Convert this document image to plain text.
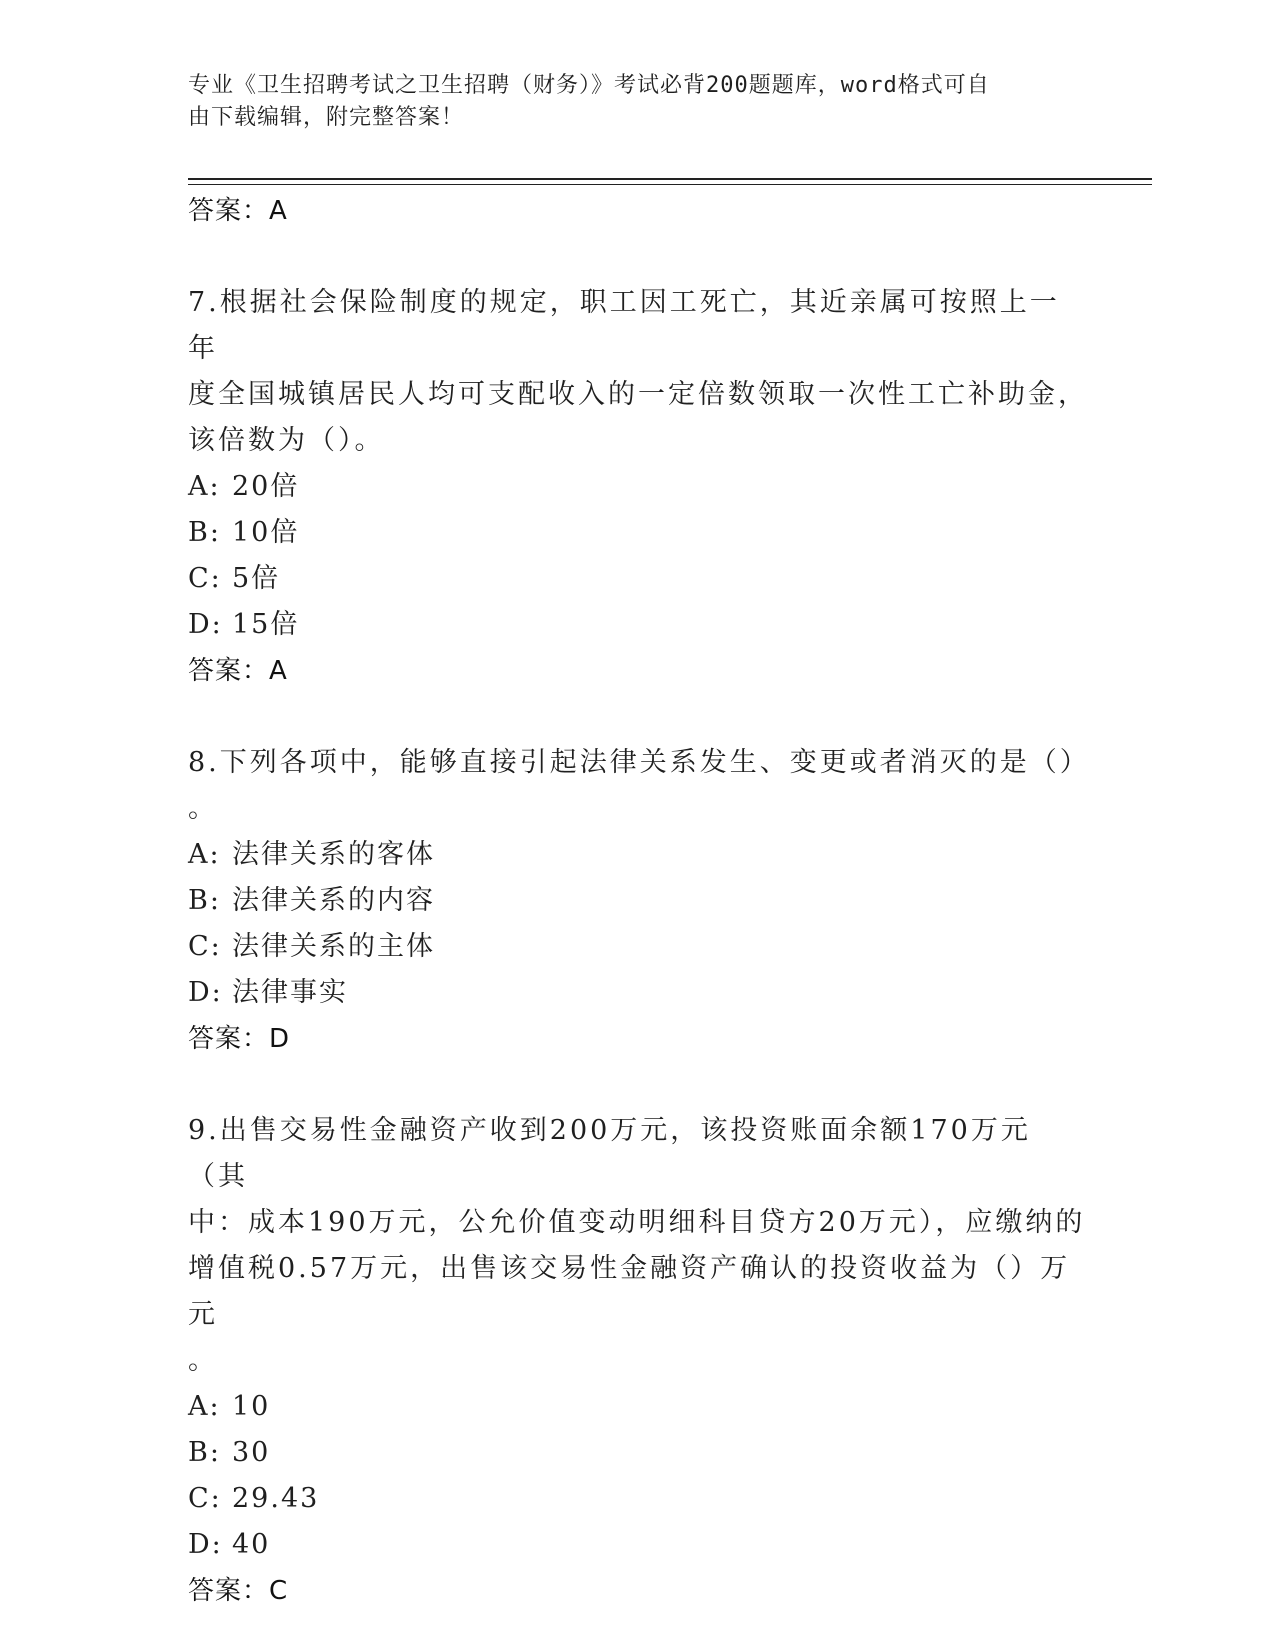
专业《卫生招聘考试之卫生招聘（财务）》考试必背200题题库，word格式可自
由下载编辑，附完整答案！
答案：A
7.根据社会保险制度的规定，职工因工死亡，其近亲属可按照上一年
度全国城镇居民人均可支配收入的一定倍数领取一次性工亡补助金，
该倍数为（）。
A: 20倍
B: 10倍
C: 5倍
D: 15倍
答案：A
8.下列各项中，能够直接引起法律关系发生、变更或者消灭的是（）
。
A: 法律关系的客体
B: 法律关系的内容
C: 法律关系的主体
D: 法律事实
答案：D
9.出售交易性金融资产收到200万元，该投资账面余额170万元（其
中：成本190万元，公允价值变动明细科目贷方20万元），应缴纳的
增值税0.57万元，出售该交易性金融资产确认的投资收益为（）万元
。
A: 10
B: 30
C: 29.43
D: 40
答案：C
